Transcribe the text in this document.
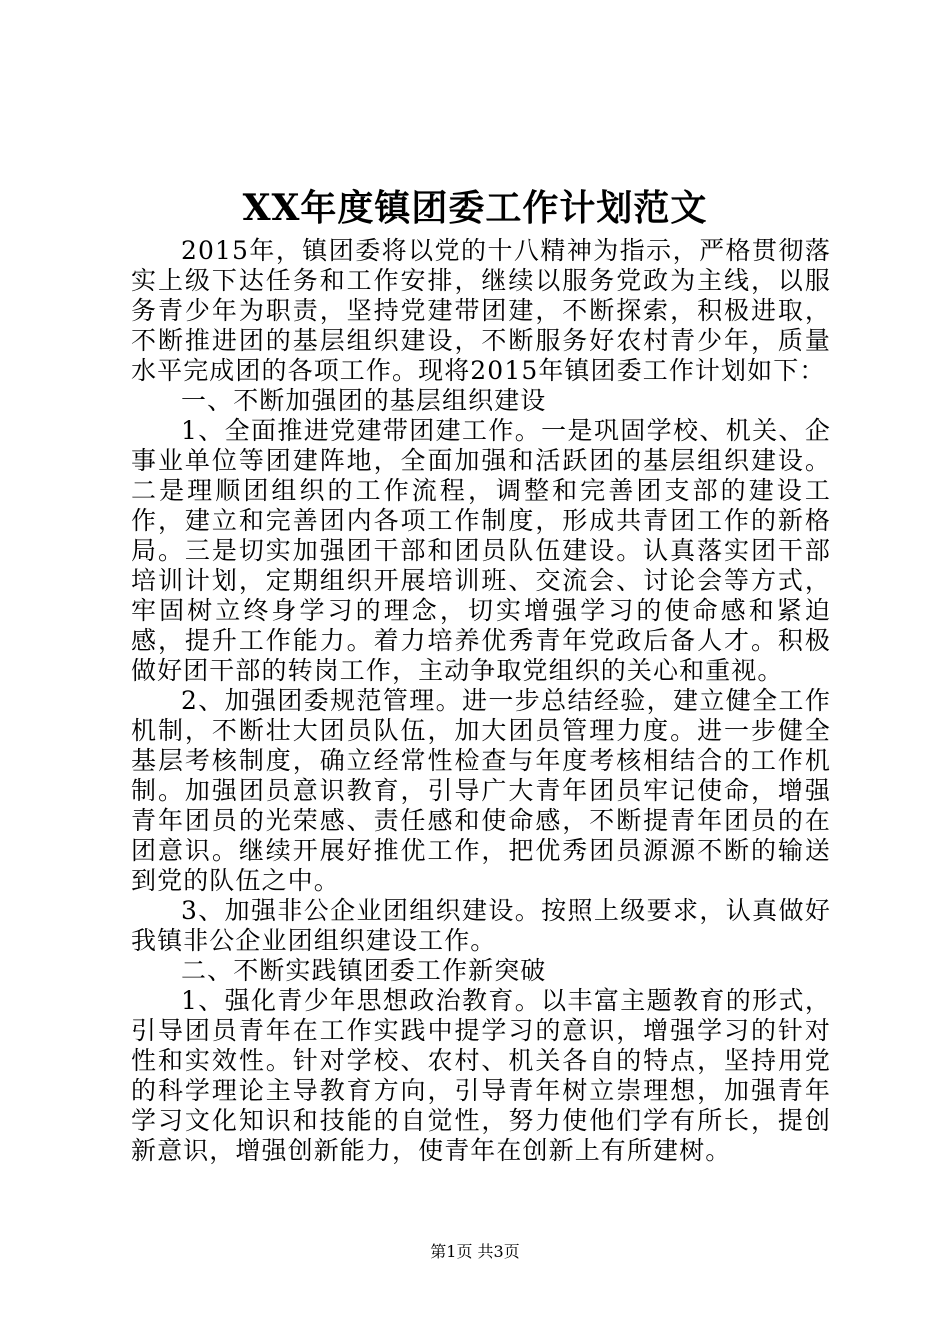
XX年度镇团委工作计划范文

2015年，镇团委将以党的十八精神为指示，严格贯彻落实上级下达任务和工作安排，继续以服务党政为主线，以服务青少年为职责，坚持党建带团建，不断探索，积极进取，不断推进团的基层组织建设，不断服务好农村青少年，质量水平完成团的各项工作。现将2015年镇团委工作计划如下：

一、不断加强团的基层组织建设

1、全面推进党建带团建工作。一是巩固学校、机关、企事业单位等团建阵地，全面加强和活跃团的基层组织建设。二是理顺团组织的工作流程，调整和完善团支部的建设工作，建立和完善团内各项工作制度，形成共青团工作的新格局。三是切实加强团干部和团员队伍建设。认真落实团干部培训计划，定期组织开展培训班、交流会、讨论会等方式，牢固树立终身学习的理念，切实增强学习的使命感和紧迫感，提升工作能力。着力培养优秀青年党政后备人才。积极做好团干部的转岗工作，主动争取党组织的关心和重视。

2、加强团委规范管理。进一步总结经验，建立健全工作机制，不断壮大团员队伍，加大团员管理力度。进一步健全基层考核制度，确立经常性检查与年度考核相结合的工作机制。加强团员意识教育，引导广大青年团员牢记使命，增强青年团员的光荣感、责任感和使命感，不断提青年团员的在团意识。继续开展好推优工作，把优秀团员源源不断的输送到党的队伍之中。

3、加强非公企业团组织建设。按照上级要求，认真做好我镇非公企业团组织建设工作。

二、不断实践镇团委工作新突破

1、强化青少年思想政治教育。以丰富主题教育的形式，引导团员青年在工作实践中提学习的意识，增强学习的针对性和实效性。针对学校、农村、机关各自的特点，坚持用党的科学理论主导教育方向，引导青年树立崇理想，加强青年学习文化知识和技能的自觉性，努力使他们学有所长，提创新意识，增强创新能力，使青年在创新上有所建树。

第1页 共3页
